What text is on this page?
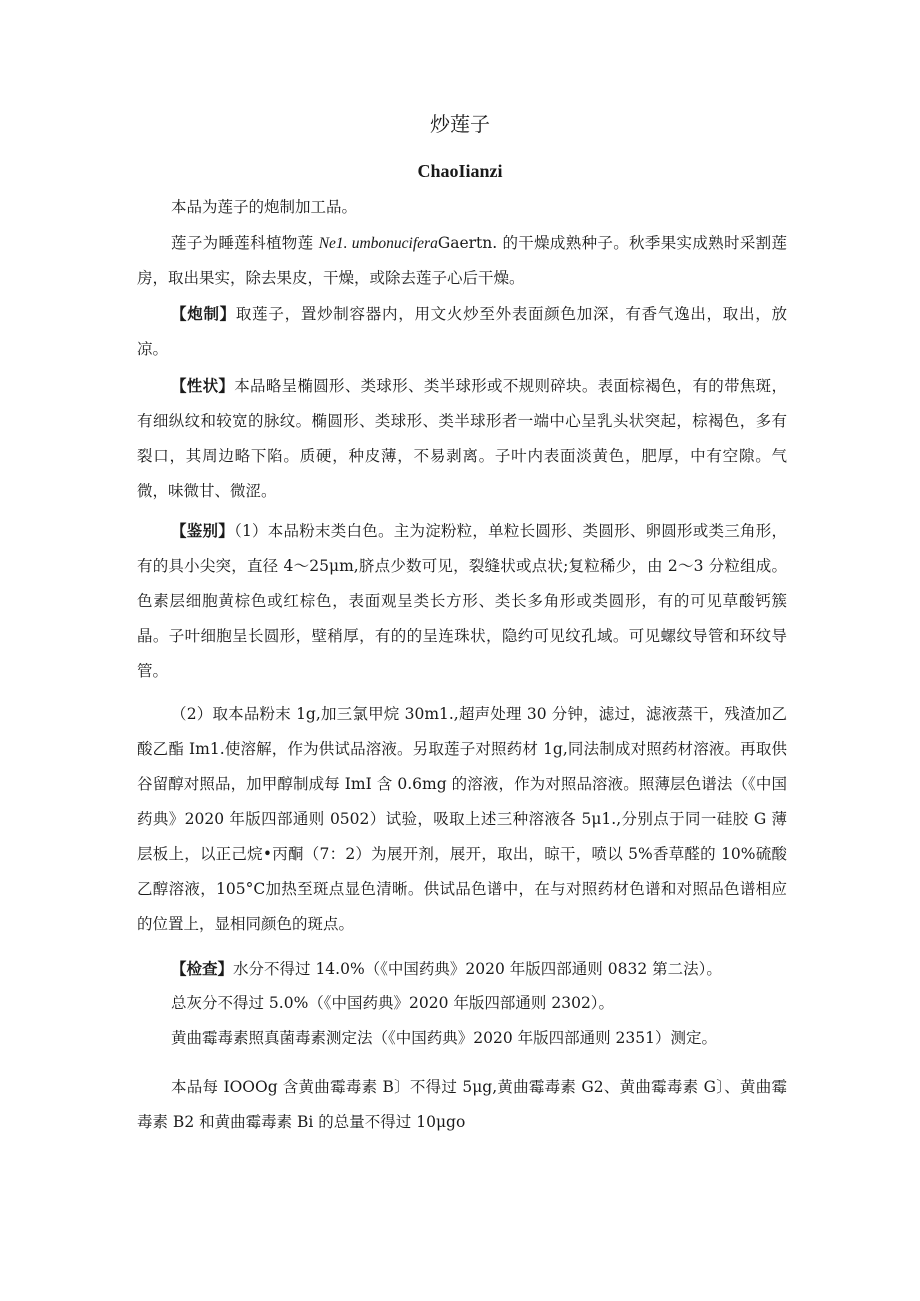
炒莲子
ChaoIianzi

本品为莲子的炮制加工品。

莲子为睡莲科植物莲 Ne1. umbonuciferaGaertn. 的干燥成熟种子。秋季果实成熟时采割莲房，取出果实，除去果皮，干燥，或除去莲子心后干燥。

【炮制】取莲子，置炒制容器内，用文火炒至外表面颜色加深，有香气逸出，取出，放凉。

【性状】本品略呈椭圆形、类球形、类半球形或不规则碎块。表面棕褐色，有的带焦斑，有细纵纹和较宽的脉纹。椭圆形、类球形、类半球形者一端中心呈乳头状突起，棕褐色，多有裂口，其周边略下陷。质硬，种皮薄，不易剥离。子叶内表面淡黄色，肥厚，中有空隙。气微，味微甘、微涩。

【鉴别】（1）本品粉末类白色。主为淀粉粒，单粒长圆形、类圆形、卵圆形或类三角形，有的具小尖突，直径 4～25μm,脐点少数可见，裂缝状或点状;复粒稀少，由 2～3 分粒组成。色素层细胞黄棕色或红棕色，表面观呈类长方形、类长多角形或类圆形，有的可见草酸钙簇晶。子叶细胞呈长圆形，壁稍厚，有的的呈连珠状，隐约可见纹孔域。可见螺纹导管和环纹导管。

（2）取本品粉末 1g,加三氯甲烷 30m1.,超声处理 30 分钟，滤过，滤液蒸干，残渣加乙酸乙酯 Im1.使溶解，作为供试品溶液。另取莲子对照药材 1g,同法制成对照药材溶液。再取供谷留醇对照品，加甲醇制成每 ImI 含 0.6mg 的溶液，作为对照品溶液。照薄层色谱法（《中国药典》2020 年版四部通则 0502）试验，吸取上述三种溶液各 5μ1.,分别点于同一硅胶 G 薄层板上，以正己烷•丙酮（7：2）为展开剂，展开，取出，晾干，喷以 5%香草醛的 10%硫酸乙醇溶液，105°C加热至斑点显色清晰。供试品色谱中，在与对照药材色谱和对照品色谱相应的位置上，显相同颜色的斑点。

【检查】水分不得过 14.0%（《中国药典》2020 年版四部通则 0832 第二法）。

总灰分不得过 5.0%（《中国药典》2020 年版四部通则 2302）。

黄曲霉毒素照真菌毒素测定法（《中国药典》2020 年版四部通则 2351）测定。

本品每 IOOOg 含黄曲霉毒素 B〕不得过 5μg,黄曲霉毒素 G2、黄曲霉毒素 G〕、黄曲霉毒素 B2 和黄曲霉毒素 Bi 的总量不得过 10μgo
